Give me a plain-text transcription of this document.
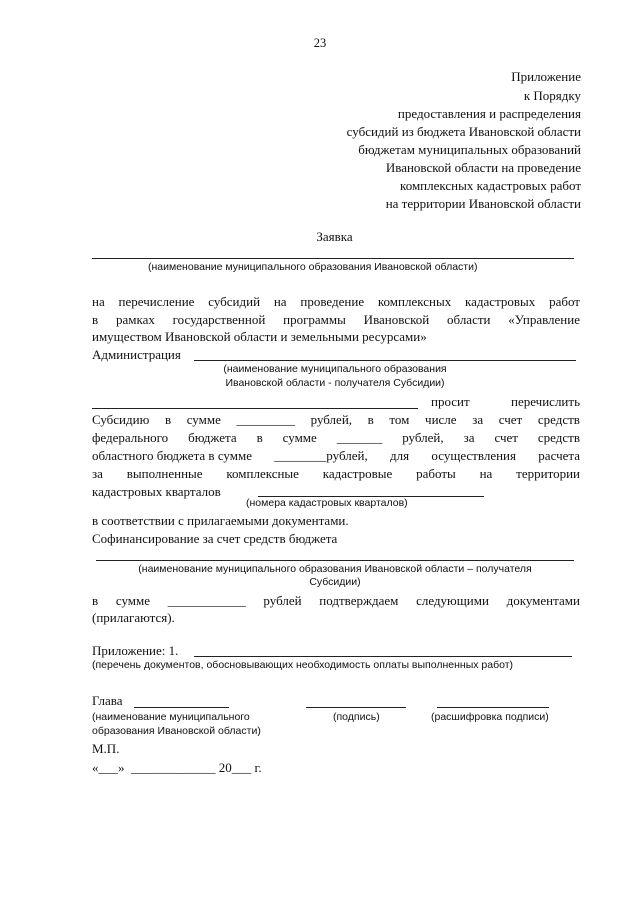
23
Приложение
к Порядку
предоставления и распределения
субсидий из бюджета Ивановской области
бюджетам муниципальных образований
Ивановской области на проведение
комплексных кадастровых работ
на территории Ивановской области
Заявка
(наименование муниципального образования Ивановской области)
на перечисление субсидий на проведение комплексных кадастровых работ
в рамках государственной программы Ивановской области «Управление
имуществом Ивановской области и земельными ресурсами»
Администрация
(наименование муниципального образования
Ивановской области - получателя Субсидии)
просит перечислить
Субсидию в сумме _________ рублей, в том числе за счет средств
федерального бюджета в сумме _______ рублей, за счет средств
областного бюджета в сумме ________рублей, для осуществления расчета
за выполненные комплексные кадастровые работы на территории
кадастровых кварталов
(номера кадастровых кварталов)
в соответствии с прилагаемыми документами.
Софинансирование за счет средств бюджета
(наименование муниципального образования Ивановской области – получателя
Субсидии)
в сумме ____________ рублей подтверждаем следующими документами
(прилагаются).
Приложение: 1.
(перечень документов, обосновывающих необходимость оплаты выполненных работ)
Глава
(наименование муниципального
образования Ивановской области)
(подпись)	(расшифровка подписи)
М.П.
«___»  _____________ 20___ г.
